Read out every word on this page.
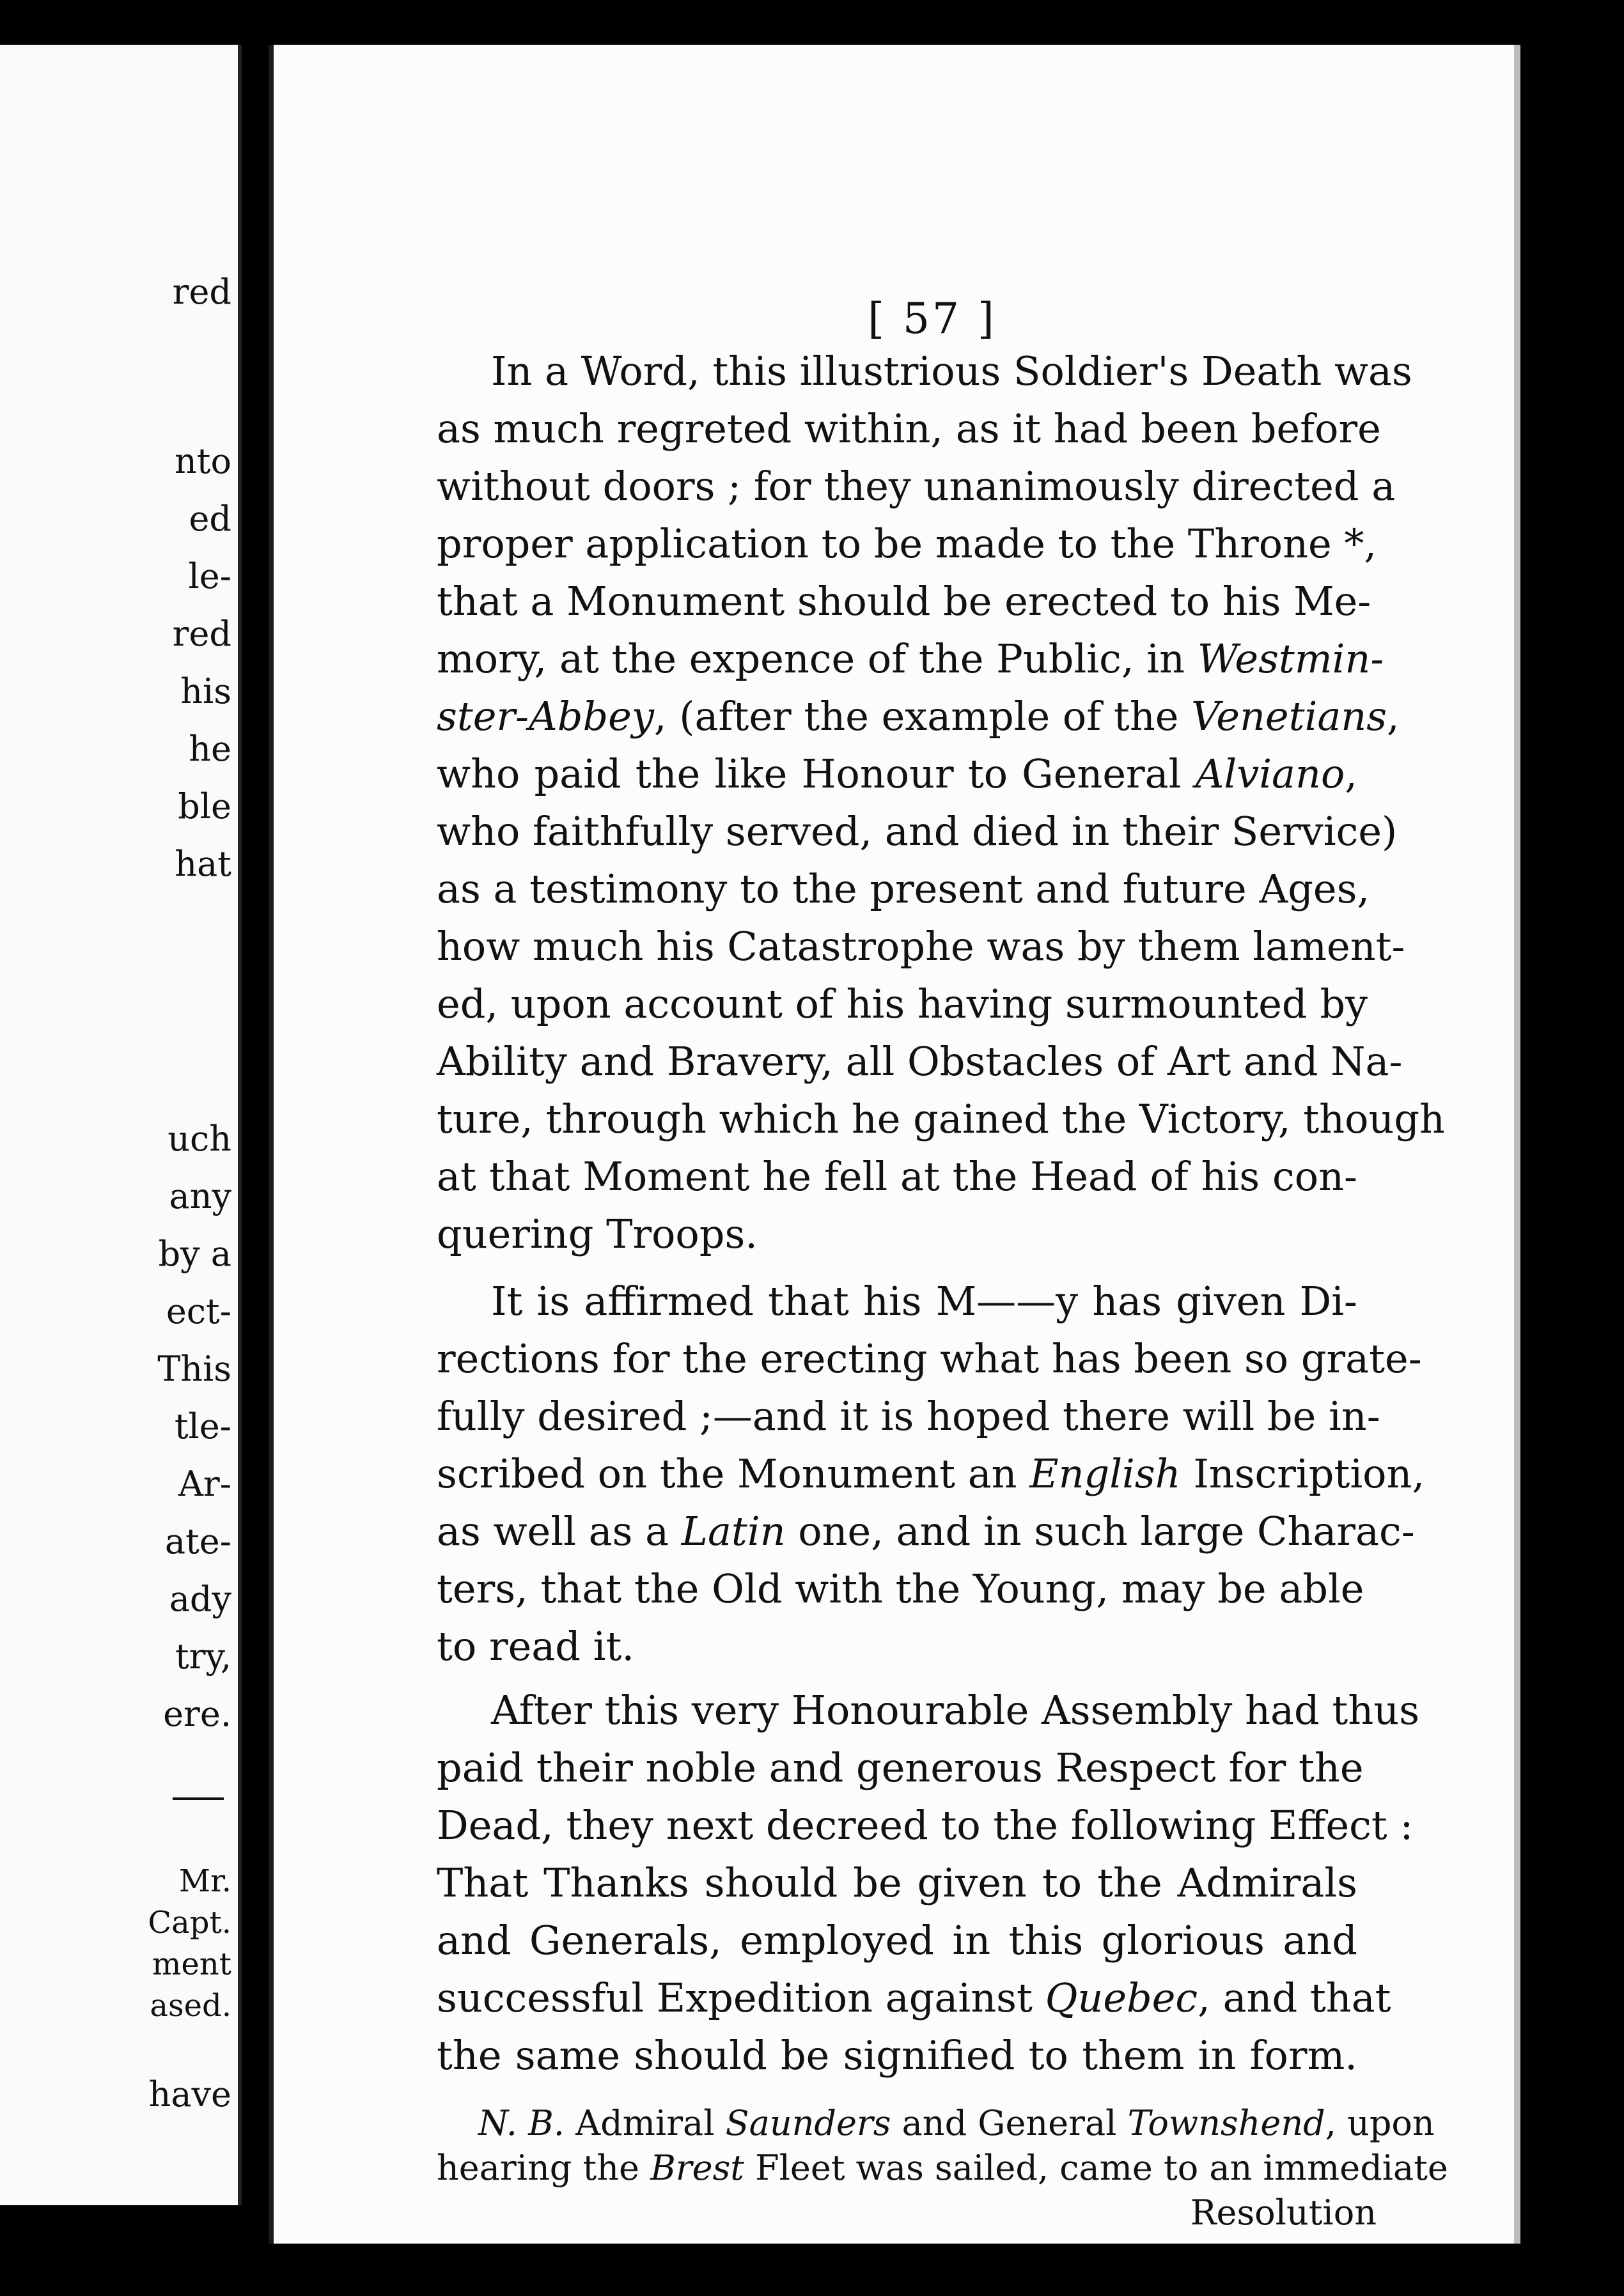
red
nto
ed
le-
red
his
he
ble
hat
uch
any
by a
ect-
This
tle-
Ar-
ate-
ady
try,
ere.
Mr.
Capt.
ment
ased.
have
[ 57 ]
In a Word, this illustrious Soldier's Death was
as much regreted within, as it had been before
without doors ; for they unanimously directed a
proper application to be made to the Throne *,
that a Monument should be erected to his Me-
mory, at the expence of the Public, in Westmin-
ster-Abbey, (after the example of the Venetians,
who paid the like Honour to General Alviano,
who faithfully served, and died in their Service)
as a testimony to the present and future Ages,
how much his Catastrophe was by them lament-
ed, upon account of his having surmounted by
Ability and Bravery, all Obstacles of Art and Na-
ture, through which he gained the Victory, though
at that Moment he fell at the Head of his con-
quering Troops.
It is affirmed that his M——y has given Di-
rections for the erecting what has been so grate-
fully desired ;—and it is hoped there will be in-
scribed on the Monument an English Inscription,
as well as a Latin one, and in such large Charac-
ters, that the Old with the Young, may be able
to read it.
After this very Honourable Assembly had thus
paid their noble and generous Respect for the
Dead, they next decreed to the following Effect :
That Thanks should be given to the Admirals
and Generals, employed in this glorious and
successful Expedition against Quebec, and that
the same should be signified to them in form.
N. B. Admiral Saunders and General Townshend, upon
hearing the Brest Fleet was sailed, came to an immediate
Resolution
